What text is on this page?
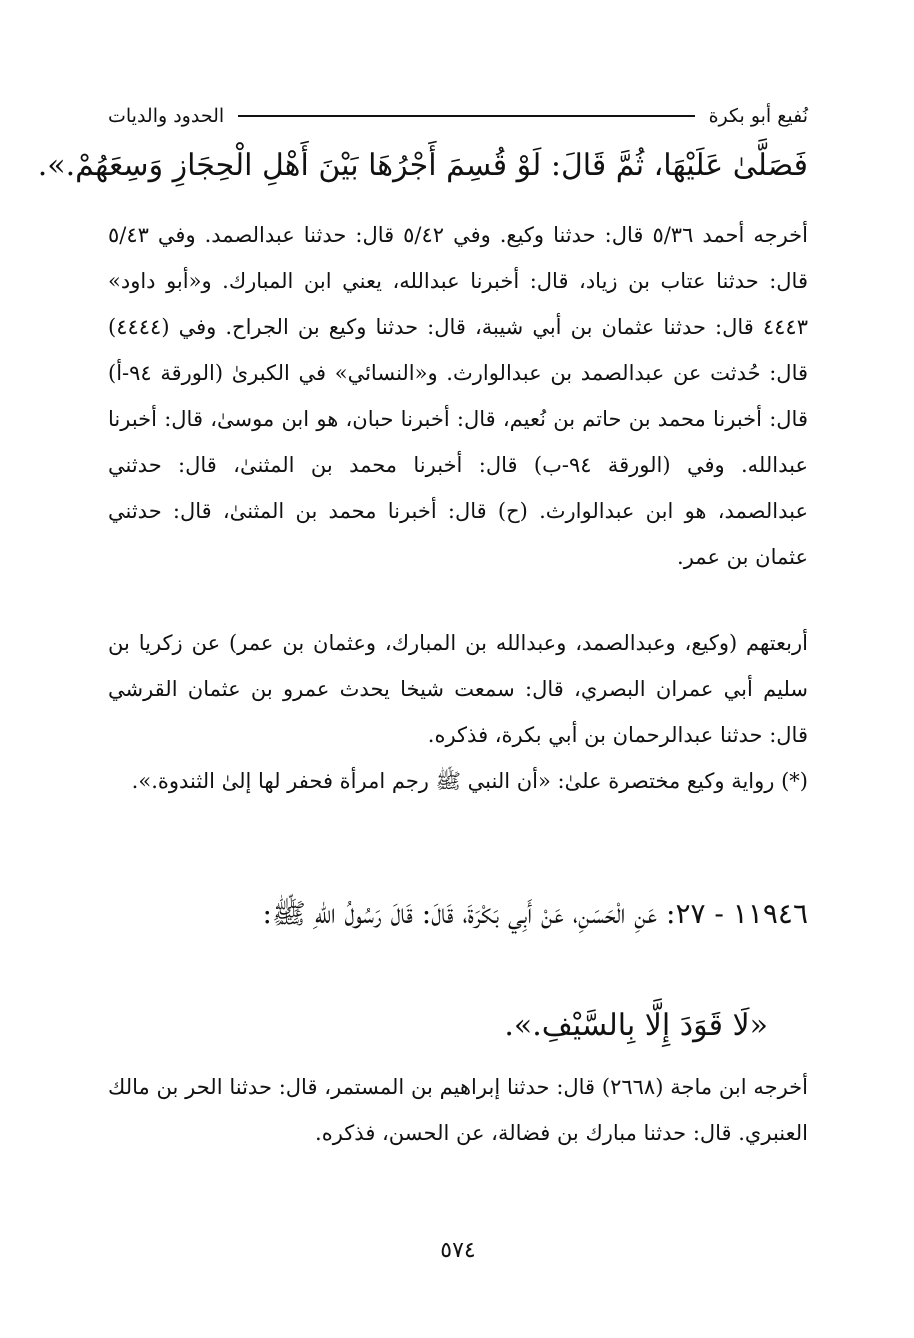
نُفيع أبو بكرة
الحدود والديات
فَصَلَّىٰ عَلَيْهَا، ثُمَّ قَالَ: لَوْ قُسِمَ أَجْرُهَا بَيْنَ أَهْلِ الْحِجَازِ وَسِعَهُمْ.».
أخرجه أحمد ٥/٣٦ قال: حدثنا وكيع. وفي ٥/٤٢ قال: حدثنا عبدالصمد. وفي ٥/٤٣ قال: حدثنا عتاب بن زياد، قال: أخبرنا عبدالله، يعني ابن المبارك. و«أبو داود» ٤٤٤٣ قال: حدثنا عثمان بن أبي شيبة، قال: حدثنا وكيع بن الجراح. وفي (٤٤٤٤) قال: حُدثت عن عبدالصمد بن عبدالوارث. و«النسائي» في الكبرىٰ (الورقة ٩٤-أ) قال: أخبرنا محمد بن حاتم بن نُعيم، قال: أخبرنا حبان، هو ابن موسىٰ، قال: أخبرنا عبدالله. وفي (الورقة ٩٤-ب) قال: أخبرنا محمد بن المثنىٰ، قال: حدثني عبدالصمد، هو ابن عبدالوارث. (ح) قال: أخبرنا محمد بن المثنىٰ، قال: حدثني عثمان بن عمر.
أربعتهم (وكيع، وعبدالصمد، وعبدالله بن المبارك، وعثمان بن عمر) عن زكريا بن سليم أبي عمران البصري، قال: سمعت شيخا يحدث عمرو بن عثمان القرشي قال: حدثنا عبدالرحمان بن أبي بكرة، فذكره.
(*) رواية وكيع مختصرة علىٰ: «أن النبي ﷺ رجم امرأة فحفر لها إلىٰ الثندوة.».
١١٩٤٦ - ٢٧: عَنِ الْحَسَنِ، عَنْ أَبِي بَكْرَةَ، قَالَ: قَالَ رَسُولُ اللهِ ﷺ:
«لَا قَوَدَ إِلَّا بِالسَّيْفِ.».
أخرجه ابن ماجة (٢٦٦٨) قال: حدثنا إبراهيم بن المستمر، قال: حدثنا الحر بن مالك العنبري. قال: حدثنا مبارك بن فضالة، عن الحسن، فذكره.
٥٧٤
